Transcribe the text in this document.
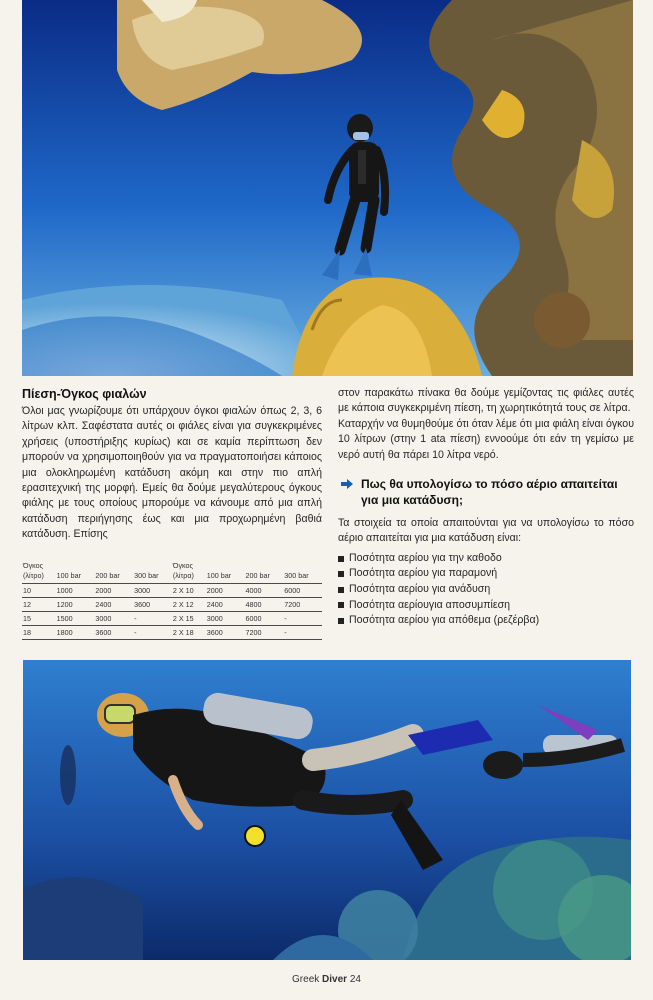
Πίεση-Όγκος φιαλών

Όλοι μας γνωρίζουμε ότι υπάρχουν όγκοι φιαλών όπως 2, 3, 6 λίτρων κλπ. Σαφέστατα αυτές οι φιάλες είναι για συγκεκριμένες χρήσεις (υποστήριξης κυρίως) και σε καμία περίπτωση δεν μπορούν να χρησιμοποιηθούν για να πραγματοποιήσει κάποιος μια ολοκληρωμένη κατάδυση ακόμη και στην πιο απλή ερασιτεχνική της μορφή. Εμείς θα δούμε μεγαλύτερους όγκους φιάλης με τους οποίους μπορούμε να κάνουμε από μια απλή κατάδυση περιήγησης έως και μια προχωρημένη βαθιά κατάδυση. Επίσης

Όγκος
(λίτρο)	100 bar	200 bar	300 bar	Όγκος
(λίτρα)	100 bar	200 bar	300 bar
10	1000	2000	3000	2 X 10	2000	4000	6000
12	1200	2400	3600	2 X 12	2400	4800	7200
15	1500	3000	-	2 X 15	3000	6000	-
18	1800	3600	-	2 X 18	3600	7200	-

στον παρακάτω πίνακα θα δούμε γεμίζοντας τις φιάλες αυτές με κάποια συγκεκριμένη πίεση, τη χωρητικότητά τους σε λίτρα.

Καταρχήν να θυμηθούμε ότι όταν λέμε ότι μια φιάλη είναι όγκου 10 λίτρων (στην 1 ata πίεση) εννοούμε ότι εάν τη γεμίσω με νερό αυτή θα πάρει 10 λίτρα νερό.

Πως θα υπολογίσω το πόσο αέριο απαιτείται για μια κατάδυση;

Τα στοιχεία τα οποία απαιτούνται για να υπολογίσω το πόσο αέριο απαιτείται για μια κατάδυση είναι:

Ποσότητα αερίου για την καθοδο
Ποσότητα αερίου για παραμονή
Ποσότητα αερίου για ανάδυση
Ποσότητα αερίουγια αποσυμπίεση
Ποσότητα αερίου για απόθεμα (ρεζέρβα)
Greek Diver 24
